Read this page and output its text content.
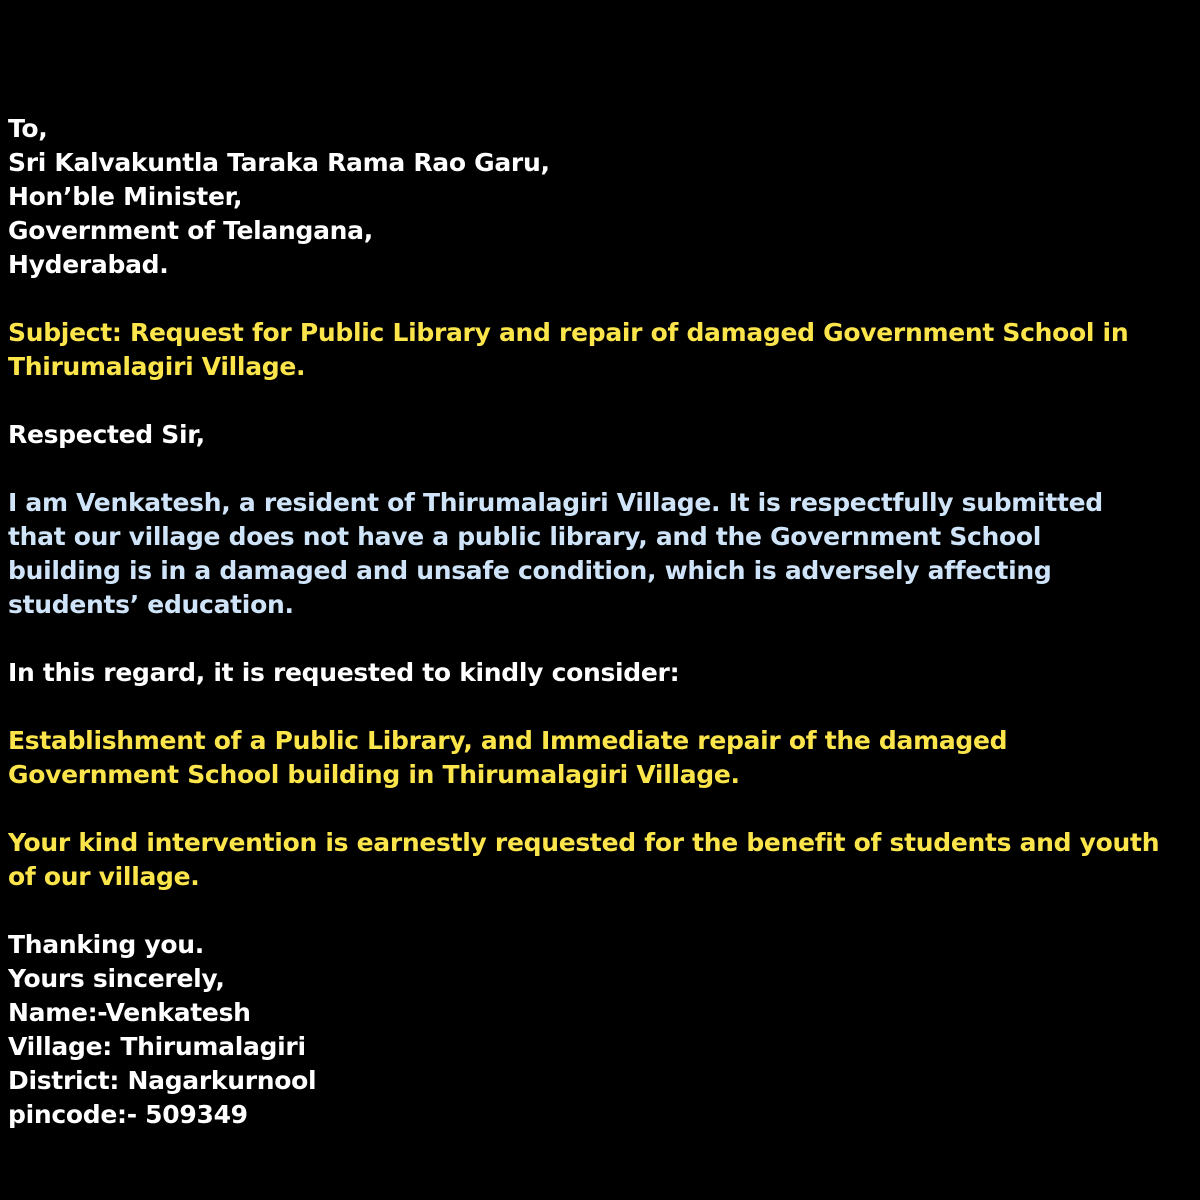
To,
Sri Kalvakuntla Taraka Rama Rao Garu,
Hon’ble Minister,
Government of Telangana,
Hyderabad.
Subject: Request for Public Library and repair of damaged Government School in
Thirumalagiri Village.
Respected Sir,
I am Venkatesh, a resident of Thirumalagiri Village. It is respectfully submitted
that our village does not have a public library, and the Government School
building is in a damaged and unsafe condition, which is adversely affecting
students’ education.
In this regard, it is requested to kindly consider:
Establishment of a Public Library, and Immediate repair of the damaged
Government School building in Thirumalagiri Village.
Your kind intervention is earnestly requested for the benefit of students and youth
of our village.
Thanking you.
Yours sincerely,
Name:-Venkatesh
Village: Thirumalagiri
District: Nagarkurnool
pincode:- 509349
